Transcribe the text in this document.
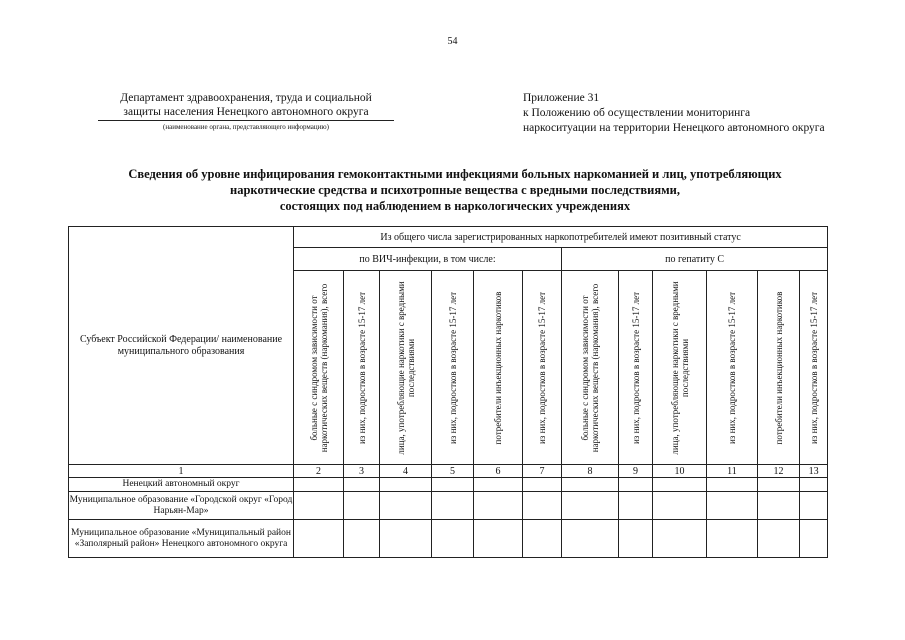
54
Департамент здравоохранения, труда и социальной
защиты населения Ненецкого автономного округа
(наименование органа, представляющего информацию)
Приложение 31
к Положению об осуществлении мониторинга
наркоситуации на территории Ненецкого автономного округа
Сведения об уровне инфицирования гемоконтактными инфекциями больных наркоманией и лиц, употребляющих
наркотические средства и психотропные вещества с вредными последствиями,
состоящих под наблюдением в наркологических учреждениях
Субъект Российской Федерации/ наименование муниципального образования	Из общего числа зарегистрированных наркопотребителей имеют позитивный статус											
	по ВИЧ-инфекции, в том числе:						по гепатиту С					

	больные с синдромом зависимости от наркотических веществ (наркомания), всего	из них, подростков в возрасте 15-17 лет	лица, употребляющие наркотики с вредными последствиями	из них, подростков в возрасте 15-17 лет	потребители инъекционных наркотиков	из них, подростков в возрасте 15-17 лет	больные с синдромом зависимости от наркотических веществ (наркомания), всего	из них, подростков в возрасте 15-17 лет	лица, употребляющие наркотики с вредными последствиями	из них, подростков в возрасте 15-17 лет	потребители инъекционных наркотиков	из них, подростков в возрасте 15-17 лет

1	2	3	4	5	6	7	8	9	10	11	12	13
Ненецкий автономный округ												
Муниципальное образование «Городской округ «Город Нарьян-Мар»												
Муниципальное образование «Муниципальный район «Заполярный район» Ненецкого автономного округа												
